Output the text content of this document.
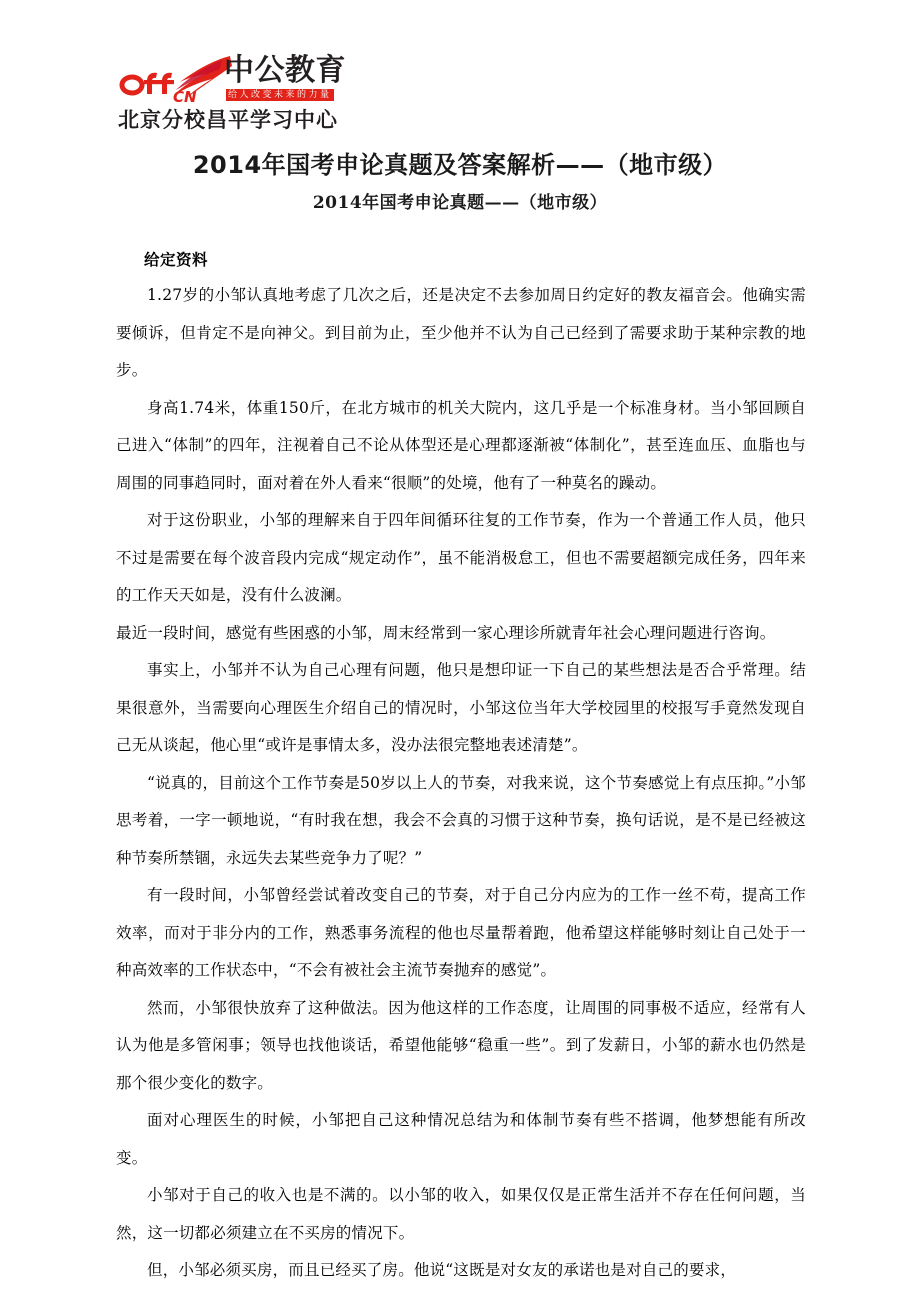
CN
中公教育
给人改变未来的力量
北京分校昌平学习中心
2014年国考申论真题及答案解析——（地市级）
2014年国考申论真题——（地市级）
给定资料

1.27岁的小邹认真地考虑了几次之后，还是决定不去参加周日约定好的教友福音会。他确实需要倾诉，但肯定不是向神父。到目前为止，至少他并不认为自己已经到了需要求助于某种宗教的地步。

身高1.74米，体重150斤，在北方城市的机关大院内，这几乎是一个标准身材。当小邹回顾自己进入“体制”的四年，注视着自己不论从体型还是心理都逐渐被“体制化”，甚至连血压、血脂也与周围的同事趋同时，面对着在外人看来“很顺”的处境，他有了一种莫名的躁动。

对于这份职业，小邹的理解来自于四年间循环往复的工作节奏，作为一个普通工作人员，他只不过是需要在每个波音段内完成“规定动作”，虽不能消极怠工，但也不需要超额完成任务，四年来的工作天天如是，没有什么波澜。

最近一段时间，感觉有些困惑的小邹，周末经常到一家心理诊所就青年社会心理问题进行咨询。

事实上，小邹并不认为自己心理有问题，他只是想印证一下自己的某些想法是否合乎常理。结果很意外，当需要向心理医生介绍自己的情况时，小邹这位当年大学校园里的校报写手竟然发现自己无从谈起，他心里“或许是事情太多，没办法很完整地表述清楚”。

“说真的，目前这个工作节奏是50岁以上人的节奏，对我来说，这个节奏感觉上有点压抑。”小邹思考着，一字一顿地说，“有时我在想，我会不会真的习惯于这种节奏，换句话说，是不是已经被这种节奏所禁锢，永远失去某些竞争力了呢？”

有一段时间，小邹曾经尝试着改变自己的节奏，对于自己分内应为的工作一丝不苟，提高工作效率，而对于非分内的工作，熟悉事务流程的他也尽量帮着跑，他希望这样能够时刻让自己处于一种高效率的工作状态中，“不会有被社会主流节奏抛弃的感觉”。

然而，小邹很快放弃了这种做法。因为他这样的工作态度，让周围的同事极不适应，经常有人认为他是多管闲事；领导也找他谈话，希望他能够“稳重一些”。到了发薪日，小邹的薪水也仍然是那个很少变化的数字。

面对心理医生的时候，小邹把自己这种情况总结为和体制节奏有些不搭调，他梦想能有所改变。

小邹对于自己的收入也是不满的。以小邹的收入，如果仅仅是正常生活并不存在任何问题，当然，这一切都必须建立在不买房的情况下。

但，小邹必须买房，而且已经买了房。他说“这既是对女友的承诺也是对自己的要求，
